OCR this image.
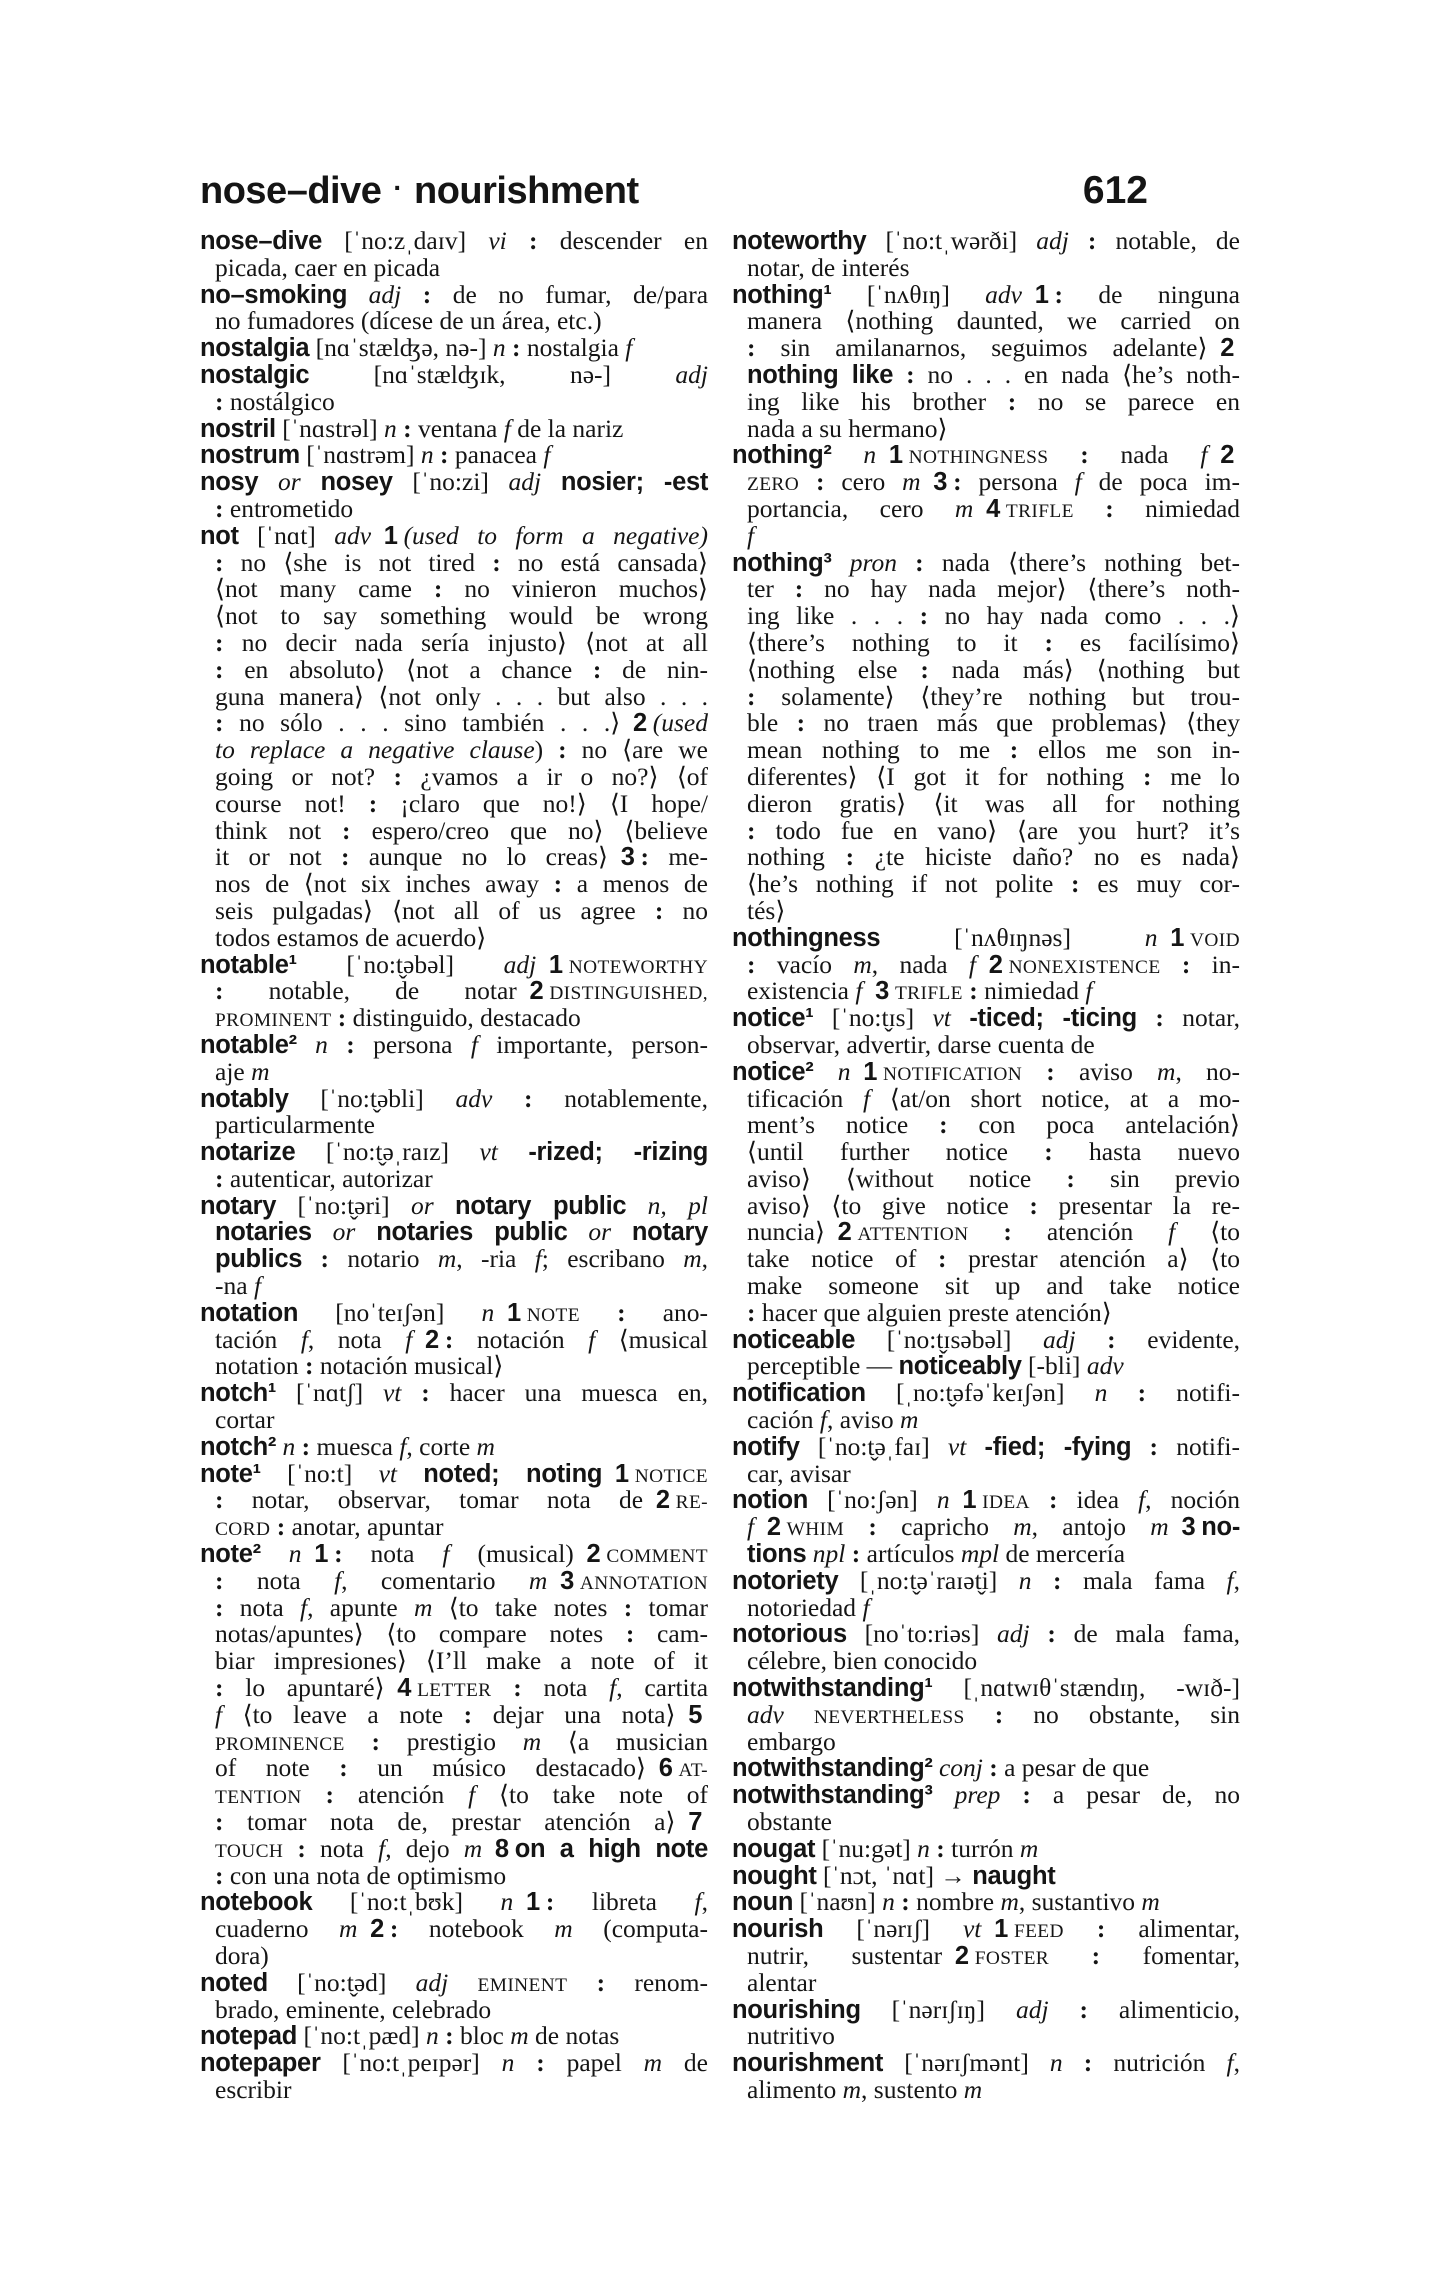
nose–dive · nourishment	612
nose–dive [ˈno:zˌdaɪv] vi : descender en
picada, caer en picada
no–smoking adj : de no fumar, de/para
no fumadores (dícese de un área, etc.)
nostalgia [nɑˈstælʤə, nə-] n : nostalgia f
nostalgic [nɑˈstælʤɪk, nə-] adj
: nostálgico
nostril [ˈnɑstrəl] n : ventana f de la nariz
nostrum [ˈnɑstrəm] n : panacea f
nosy or nosey [ˈno:zi] adj nosier; -est
: entrometido
not [ˈnɑt] adv 1 (used to form a negative)
: no ⟨she is not tired : no está cansada⟩
⟨not many came : no vinieron muchos⟩
⟨not to say something would be wrong
: no decir nada sería injusto⟩ ⟨not at all
: en absoluto⟩ ⟨not a chance : de nin-
guna manera⟩ ⟨not only . . . but also . . .
: no sólo . . . sino también . . .⟩ 2 (used
to replace a negative clause) : no ⟨are we
going or not? : ¿vamos a ir o no?⟩ ⟨of
course not! : ¡claro que no!⟩ ⟨I hope/
think not : espero/creo que no⟩ ⟨believe
it or not : aunque no lo creas⟩ 3 : me-
nos de ⟨not six inches away : a menos de
seis pulgadas⟩ ⟨not all of us agree : no
todos estamos de acuerdo⟩
notable¹ [ˈno:t̬əbəl] adj 1 NOTEWORTHY
: notable, de notar 2 DISTINGUISHED,
PROMINENT : distinguido, destacado
notable² n : persona f importante, person-
aje m
notably [ˈno:t̬əbli] adv : notablemente,
particularmente
notarize [ˈno:t̬əˌraɪz] vt -rized; -rizing
: autenticar, autorizar
notary [ˈno:t̬əri] or notary public n, pl
notaries or notaries public or notary
publics : notario m, -ria f; escribano m,
-na f
notation [noˈteɪʃən] n 1 NOTE : ano-
tación f, nota f 2 : notación f ⟨musical
notation : notación musical⟩
notch¹ [ˈnɑtʃ] vt : hacer una muesca en,
cortar
notch² n : muesca f, corte m
note¹ [ˈno:t] vt noted; noting 1 NOTICE
: notar, observar, tomar nota de 2 RE-
CORD : anotar, apuntar
note² n 1 : nota f (musical) 2 COMMENT
: nota f, comentario m 3 ANNOTATION
: nota f, apunte m ⟨to take notes : tomar
notas/apuntes⟩ ⟨to compare notes : cam-
biar impresiones⟩ ⟨I’ll make a note of it
: lo apuntaré⟩ 4 LETTER : nota f, cartita
f ⟨to leave a note : dejar una nota⟩ 5
PROMINENCE : prestigio m ⟨a musician
of note : un músico destacado⟩ 6 AT-
TENTION : atención f ⟨to take note of
: tomar nota de, prestar atención a⟩ 7
TOUCH : nota f, dejo m 8 on a high note
: con una nota de optimismo
notebook [ˈno:tˌbʊk] n 1 : libreta f,
cuaderno m 2 : notebook m (computa-
dora)
noted [ˈno:t̬əd] adj EMINENT : renom-
brado, eminente, celebrado
notepad [ˈno:tˌpæd] n : bloc m de notas
notepaper [ˈno:tˌpeɪpər] n : papel m de
escribir
noteworthy [ˈno:tˌwərði] adj : notable, de
notar, de interés
nothing¹ [ˈnʌθɪŋ] adv 1 : de ninguna
manera ⟨nothing daunted, we carried on
: sin amilanarnos, seguimos adelante⟩ 2
nothing like : no . . . en nada ⟨he’s noth-
ing like his brother : no se parece en
nada a su hermano⟩
nothing² n 1 NOTHINGNESS : nada f 2
ZERO : cero m 3 : persona f de poca im-
portancia, cero m 4 TRIFLE : nimiedad
f
nothing³ pron : nada ⟨there’s nothing bet-
ter : no hay nada mejor⟩ ⟨there’s noth-
ing like . . . : no hay nada como . . .⟩
⟨there’s nothing to it : es facilísimo⟩
⟨nothing else : nada más⟩ ⟨nothing but
: solamente⟩ ⟨they’re nothing but trou-
ble : no traen más que problemas⟩ ⟨they
mean nothing to me : ellos me son in-
diferentes⟩ ⟨I got it for nothing : me lo
dieron gratis⟩ ⟨it was all for nothing
: todo fue en vano⟩ ⟨are you hurt? it’s
nothing : ¿te hiciste daño? no es nada⟩
⟨he’s nothing if not polite : es muy cor-
tés⟩
nothingness [ˈnʌθɪŋnəs] n 1 VOID
: vacío m, nada f 2 NONEXISTENCE : in-
existencia f 3 TRIFLE : nimiedad f
notice¹ [ˈno:t̬ɪs] vt -ticed; -ticing : notar,
observar, advertir, darse cuenta de
notice² n 1 NOTIFICATION : aviso m, no-
tificación f ⟨at/on short notice, at a mo-
ment’s notice : con poca antelación⟩
⟨until further notice : hasta nuevo
aviso⟩ ⟨without notice : sin previo
aviso⟩ ⟨to give notice : presentar la re-
nuncia⟩ 2 ATTENTION : atención f ⟨to
take notice of : prestar atención a⟩ ⟨to
make someone sit up and take notice
: hacer que alguien preste atención⟩
noticeable [ˈno:t̬ɪsəbəl] adj : evidente,
perceptible — noticeably [-bli] adv
notification [ˌno:t̬əfəˈkeɪʃən] n : notifi-
cación f, aviso m
notify [ˈno:t̬əˌfaɪ] vt -fied; -fying : notifi-
car, avisar
notion [ˈno:ʃən] n 1 IDEA : idea f, noción
f 2 WHIM : capricho m, antojo m 3 no-
tions npl : artículos mpl de mercería
notoriety [ˌno:t̬əˈraɪət̬i] n : mala fama f,
notoriedad f
notorious [noˈto:riəs] adj : de mala fama,
célebre, bien conocido
notwithstanding¹ [ˌnɑtwɪθˈstændɪŋ, -wɪð-]
adv NEVERTHELESS : no obstante, sin
embargo
notwithstanding² conj : a pesar de que
notwithstanding³ prep : a pesar de, no
obstante
nougat [ˈnu:gət] n : turrón m
nought [ˈnɔt, ˈnɑt] → naught
noun [ˈnaʊn] n : nombre m, sustantivo m
nourish [ˈnərɪʃ] vt 1 FEED : alimentar,
nutrir, sustentar 2 FOSTER : fomentar,
alentar
nourishing [ˈnərɪʃɪŋ] adj : alimenticio,
nutritivo
nourishment [ˈnərɪʃmənt] n : nutrición f,
alimento m, sustento m
